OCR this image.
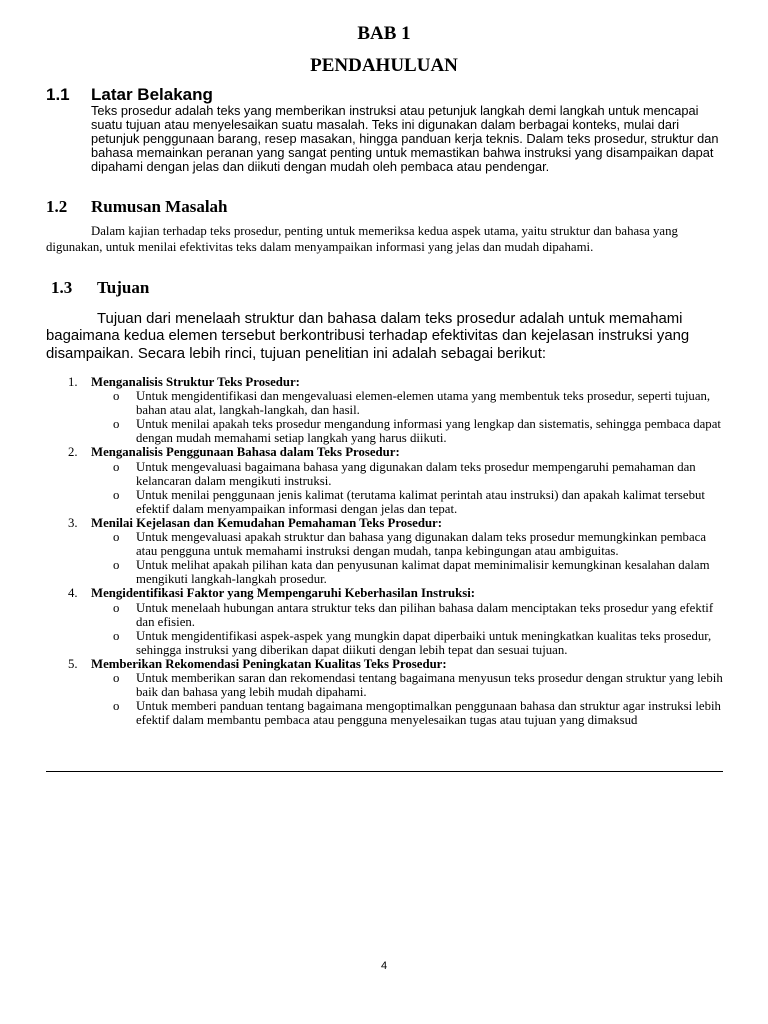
BAB 1
PENDAHULUAN
1.1 Latar Belakang

Teks prosedur adalah teks yang memberikan instruksi atau petunjuk langkah demi langkah untuk mencapai suatu tujuan atau menyelesaikan suatu masalah. Teks ini digunakan dalam berbagai konteks, mulai dari petunjuk penggunaan barang, resep masakan, hingga panduan kerja teknis. Dalam teks prosedur, struktur dan bahasa memainkan peranan yang sangat penting untuk memastikan bahwa instruksi yang disampaikan dapat dipahami dengan jelas dan diikuti dengan mudah oleh pembaca atau pendengar.

1.2 Rumusan Masalah

Dalam kajian terhadap teks prosedur, penting untuk memeriksa kedua aspek utama, yaitu struktur dan bahasa yang digunakan, untuk menilai efektivitas teks dalam menyampaikan informasi yang jelas dan mudah dipahami.

1.3 Tujuan

Tujuan dari menelaah struktur dan bahasa dalam teks prosedur adalah untuk memahami bagaimana kedua elemen tersebut berkontribusi terhadap efektivitas dan kejelasan instruksi yang disampaikan. Secara lebih rinci, tujuan penelitian ini adalah sebagai berikut:

1. Menganalisis Struktur Teks Prosedur:
o Untuk mengidentifikasi dan mengevaluasi elemen-elemen utama yang membentuk teks prosedur, seperti tujuan, bahan atau alat, langkah-langkah, dan hasil.
o Untuk menilai apakah teks prosedur mengandung informasi yang lengkap dan sistematis, sehingga pembaca dapat dengan mudah memahami setiap langkah yang harus diikuti.
2. Menganalisis Penggunaan Bahasa dalam Teks Prosedur:
o Untuk mengevaluasi bagaimana bahasa yang digunakan dalam teks prosedur mempengaruhi pemahaman dan kelancaran dalam mengikuti instruksi.
o Untuk menilai penggunaan jenis kalimat (terutama kalimat perintah atau instruksi) dan apakah kalimat tersebut efektif dalam menyampaikan informasi dengan jelas dan tepat.
3. Menilai Kejelasan dan Kemudahan Pemahaman Teks Prosedur:
o Untuk mengevaluasi apakah struktur dan bahasa yang digunakan dalam teks prosedur memungkinkan pembaca atau pengguna untuk memahami instruksi dengan mudah, tanpa kebingungan atau ambiguitas.
o Untuk melihat apakah pilihan kata dan penyusunan kalimat dapat meminimalisir kemungkinan kesalahan dalam mengikuti langkah-langkah prosedur.
4. Mengidentifikasi Faktor yang Mempengaruhi Keberhasilan Instruksi:
o Untuk menelaah hubungan antara struktur teks dan pilihan bahasa dalam menciptakan teks prosedur yang efektif dan efisien.
o Untuk mengidentifikasi aspek-aspek yang mungkin dapat diperbaiki untuk meningkatkan kualitas teks prosedur, sehingga instruksi yang diberikan dapat diikuti dengan lebih tepat dan sesuai tujuan.
5. Memberikan Rekomendasi Peningkatan Kualitas Teks Prosedur:
o Untuk memberikan saran dan rekomendasi tentang bagaimana menyusun teks prosedur dengan struktur yang lebih baik dan bahasa yang lebih mudah dipahami.
o Untuk memberi panduan tentang bagaimana mengoptimalkan penggunaan bahasa dan struktur agar instruksi lebih efektif dalam membantu pembaca atau pengguna menyelesaikan tugas atau tujuan yang dimaksud
4
